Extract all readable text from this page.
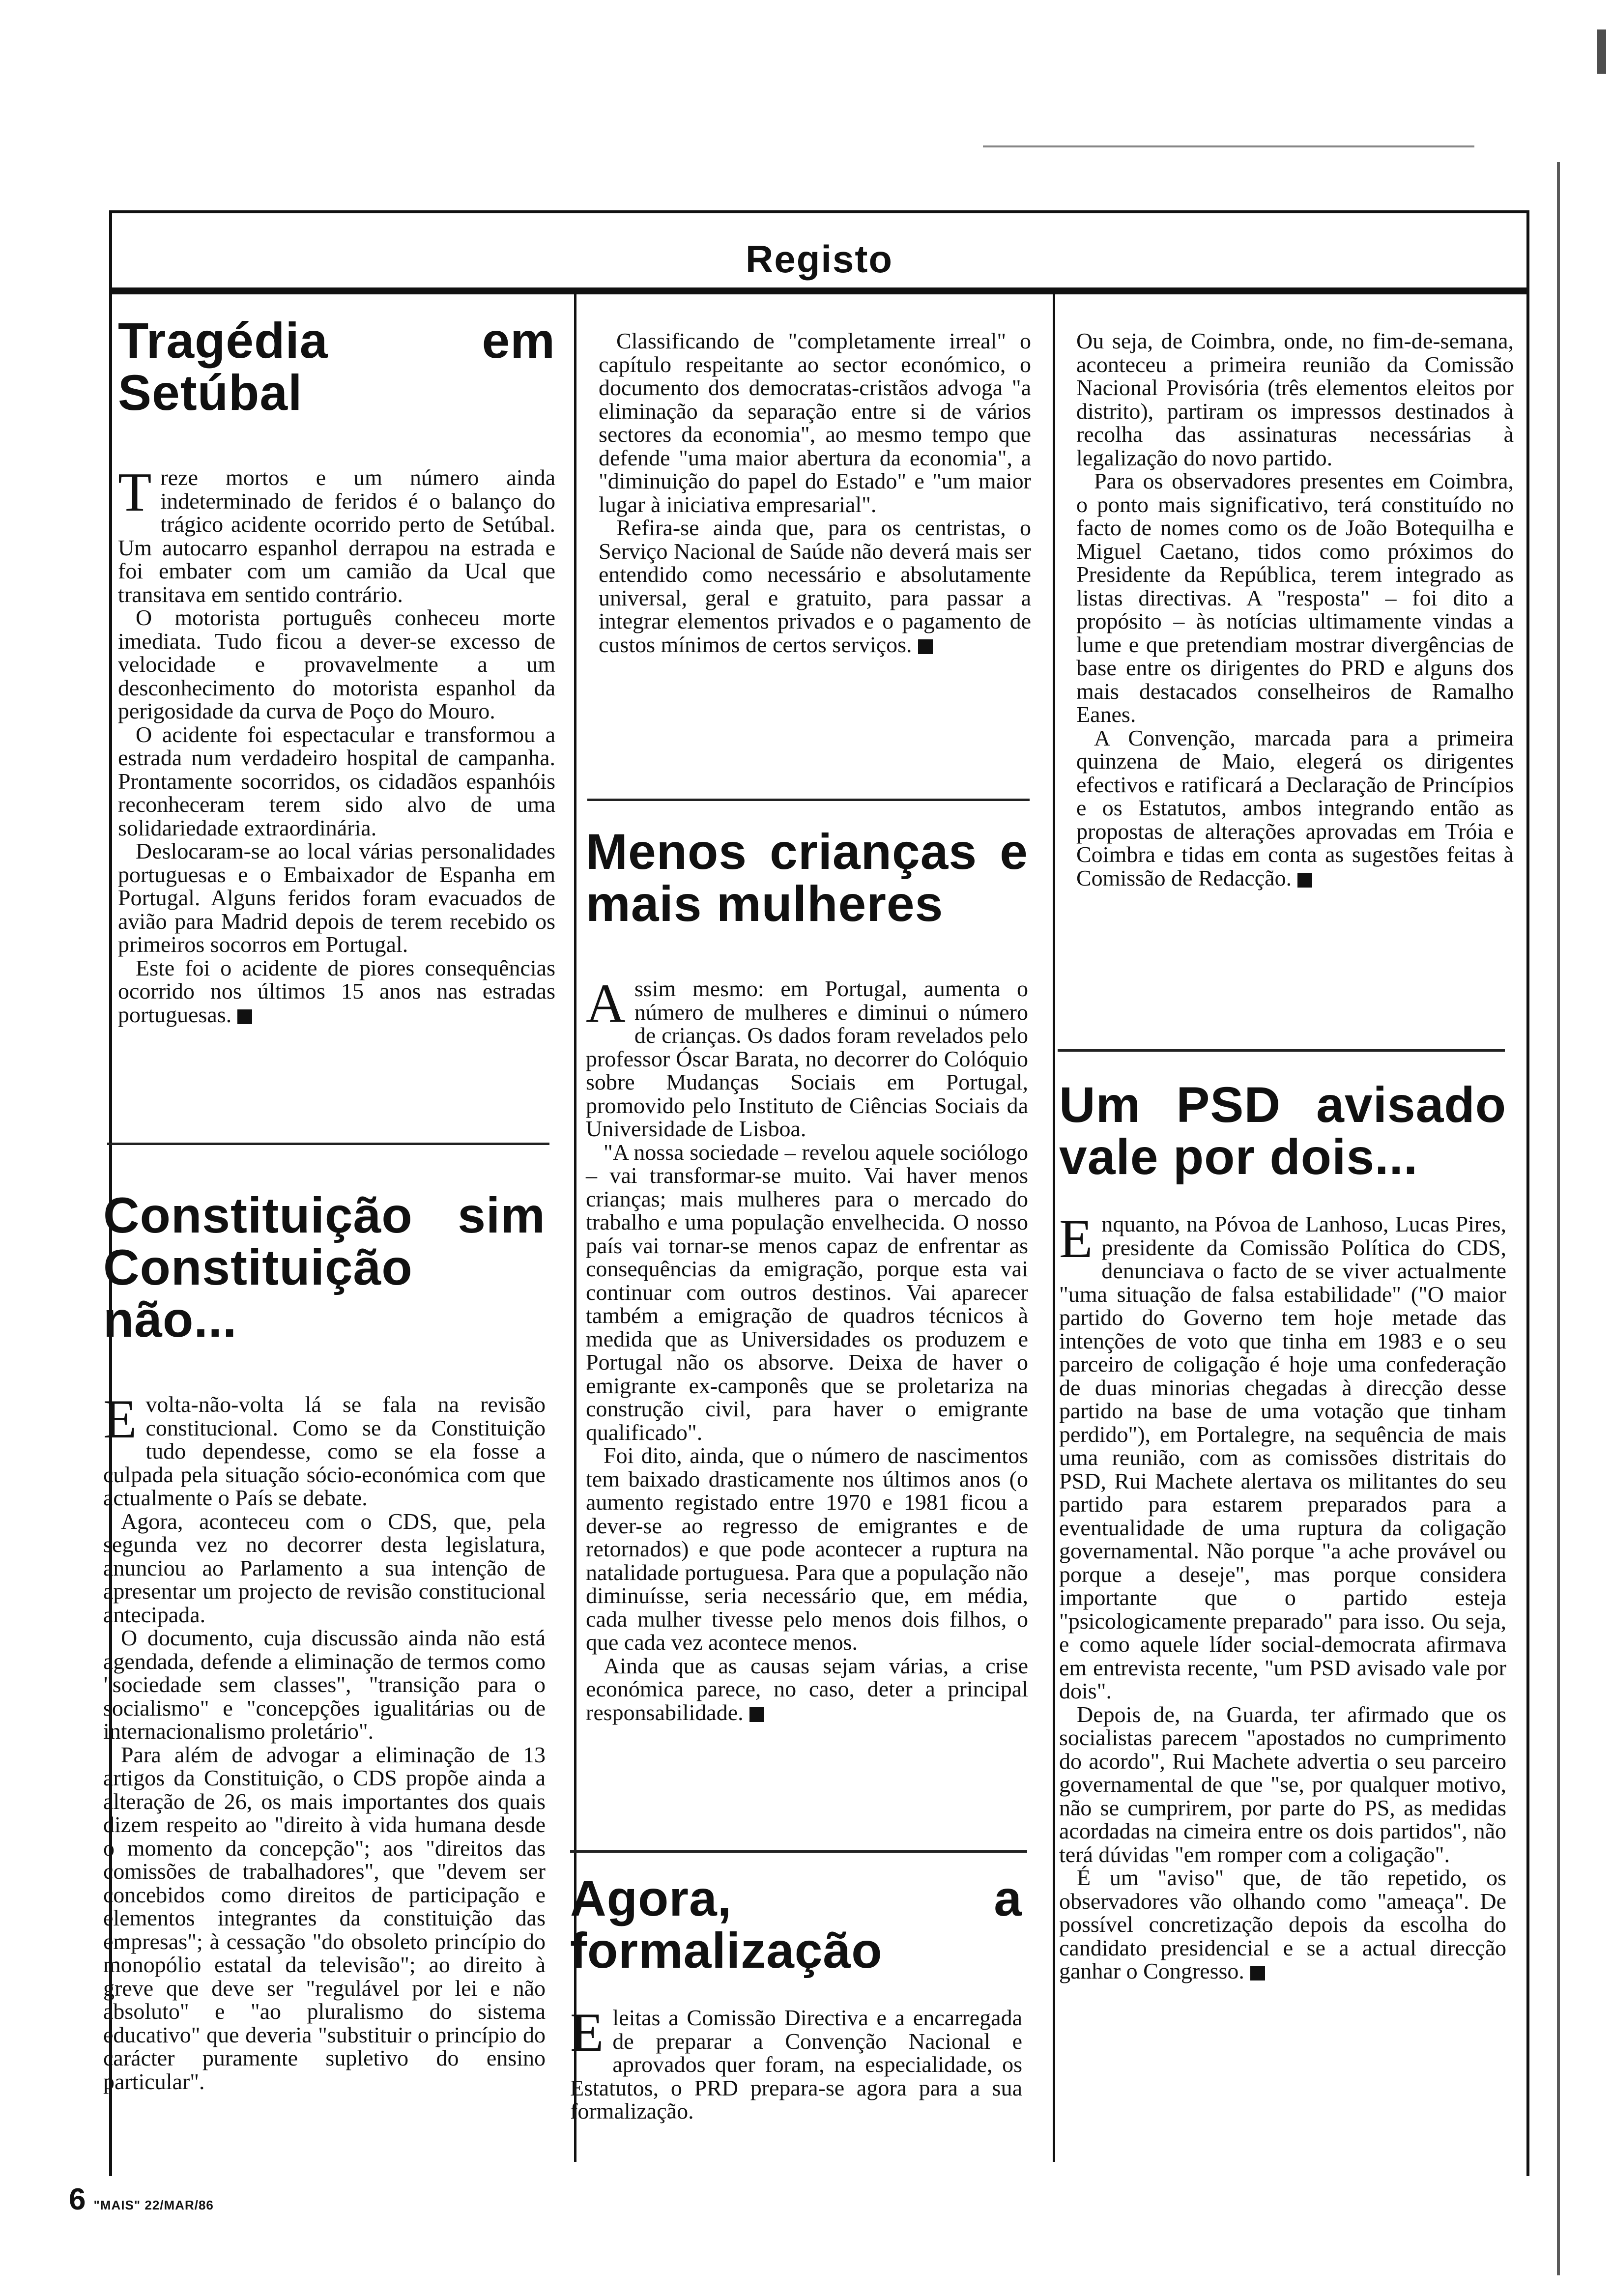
Registo
Tragédia em Setúbal

Treze mortos e um número ainda indeterminado de feridos é o balanço do trágico acidente ocorrido perto de Setúbal. Um autocarro espanhol derrapou na estrada e foi embater com um camião da Ucal que transitava em sentido contrário.

O motorista português conheceu morte imediata. Tudo ficou a dever-se excesso de velocidade e provavelmente a um desconhecimento do motorista espanhol da perigosidade da curva de Poço do Mouro.

O acidente foi espectacular e transformou a estrada num verdadeiro hospital de campanha. Prontamente socorridos, os cidadãos espanhóis reconheceram terem sido alvo de uma solidariedade extraordinária.

Deslocaram-se ao local várias personalidades portuguesas e o Embaixador de Espanha em Portugal. Alguns feridos foram evacuados de avião para Madrid depois de terem recebido os primeiros socorros em Portugal.

Este foi o acidente de piores consequências ocorrido nos últimos 15 anos nas estradas portuguesas. M

Constituição sim Constituição não...

Evolta-não-volta lá se fala na revisão constitucional. Como se da Constituição tudo dependesse, como se ela fosse a culpada pela situação sócio-económica com que actualmente o País se debate.

Agora, aconteceu com o CDS, que, pela segunda vez no decorrer desta legislatura, anunciou ao Parlamento a sua intenção de apresentar um projecto de revisão constitucional antecipada.

O documento, cuja discussão ainda não está agendada, defende a eliminação de termos como "sociedade sem classes", "transição para o socialismo" e "concepções igualitárias ou de internacionalismo proletário".

Para além de advogar a eliminação de 13 artigos da Constituição, o CDS propõe ainda a alteração de 26, os mais importantes dos quais dizem respeito ao "direito à vida humana desde o momento da concepção"; aos "direitos das comissões de trabalhadores", que "devem ser concebidos como direitos de participação e elementos integrantes da constituição das empresas"; à cessação "do obsoleto princípio do monopólio estatal da televisão"; ao direito à greve que deve ser "regulável por lei e não absoluto" e "ao pluralismo do sistema educativo" que deveria "substituir o princípio do carácter puramente supletivo do ensino particular".

Classificando de "completamente irreal" o capítulo respeitante ao sector económico, o documento dos democratas-cristãos advoga "a eliminação da separação entre si de vários sectores da economia", ao mesmo tempo que defende "uma maior abertura da economia", a "diminuição do papel do Estado" e "um maior lugar à iniciativa empresarial".

Refira-se ainda que, para os centristas, o Serviço Nacional de Saúde não deverá mais ser entendido como necessário e absolutamente universal, geral e gratuito, para passar a integrar elementos privados e o pagamento de custos mínimos de certos serviços. M

Menos crianças e mais mulheres

Assim mesmo: em Portugal, aumenta o número de mulheres e diminui o número de crianças. Os dados foram revelados pelo professor Óscar Barata, no decorrer do Colóquio sobre Mudanças Sociais em Portugal, promovido pelo Instituto de Ciências Sociais da Universidade de Lisboa.

"A nossa sociedade – revelou aquele sociólogo – vai transformar-se muito. Vai haver menos crianças; mais mulheres para o mercado do trabalho e uma população envelhecida. O nosso país vai tornar-se menos capaz de enfrentar as consequências da emigração, porque esta vai continuar com outros destinos. Vai aparecer também a emigração de quadros técnicos à medida que as Universidades os produzem e Portugal não os absorve. Deixa de haver o emigrante ex-camponês que se proletariza na construção civil, para haver o emigrante qualificado".

Foi dito, ainda, que o número de nascimentos tem baixado drasticamente nos últimos anos (o aumento registado entre 1970 e 1981 ficou a dever-se ao regresso de emigrantes e de retornados) e que pode acontecer a ruptura na natalidade portuguesa. Para que a população não diminuísse, seria necessário que, em média, cada mulher tivesse pelo menos dois filhos, o que cada vez acontece menos.

Ainda que as causas sejam várias, a crise económica parece, no caso, deter a principal responsabilidade. M

Agora, a formalização

Eleitas a Comissão Directiva e a encarregada de preparar a Convenção Nacional e aprovados quer foram, na especialidade, os Estatutos, o PRD prepara-se agora para a sua formalização.

Ou seja, de Coimbra, onde, no fim-de-semana, aconteceu a primeira reunião da Comissão Nacional Provisória (três elementos eleitos por distrito), partiram os impressos destinados à recolha das assinaturas necessárias à legalização do novo partido.

Para os observadores presentes em Coimbra, o ponto mais significativo, terá constituído no facto de nomes como os de João Botequilha e Miguel Caetano, tidos como próximos do Presidente da República, terem integrado as listas directivas. A "resposta" – foi dito a propósito – às notícias ultimamente vindas a lume e que pretendiam mostrar divergências de base entre os dirigentes do PRD e alguns dos mais destacados conselheiros de Ramalho Eanes.

A Convenção, marcada para a primeira quinzena de Maio, elegerá os dirigentes efectivos e ratificará a Declaração de Princípios e os Estatutos, ambos integrando então as propostas de alterações aprovadas em Tróia e Coimbra e tidas em conta as sugestões feitas à Comissão de Redacção. M

Um PSD avisado vale por dois...

Enquanto, na Póvoa de Lanhoso, Lucas Pires, presidente da Comissão Política do CDS, denunciava o facto de se viver actualmente "uma situação de falsa estabilidade" ("O maior partido do Governo tem hoje metade das intenções de voto que tinha em 1983 e o seu parceiro de coligação é hoje uma confederação de duas minorias chegadas à direcção desse partido na base de uma votação que tinham perdido"), em Portalegre, na sequência de mais uma reunião, com as comissões distritais do PSD, Rui Machete alertava os militantes do seu partido para estarem preparados para a eventualidade de uma ruptura da coligação governamental. Não porque "a ache provável ou porque a deseje", mas porque considera importante que o partido esteja "psicologicamente preparado" para isso. Ou seja, e como aquele líder social-democrata afirmava em entrevista recente, "um PSD avisado vale por dois".

Depois de, na Guarda, ter afirmado que os socialistas parecem "apostados no cumprimento do acordo", Rui Machete advertia o seu parceiro governamental de que "se, por qualquer motivo, não se cumprirem, por parte do PS, as medidas acordadas na cimeira entre os dois partidos", não terá dúvidas "em romper com a coligação".

É um "aviso" que, de tão repetido, os observadores vão olhando como "ameaça". De possível concretização depois da escolha do candidato presidencial e se a actual direcção ganhar o Congresso. M

6 "MAIS" 22/MAR/86
